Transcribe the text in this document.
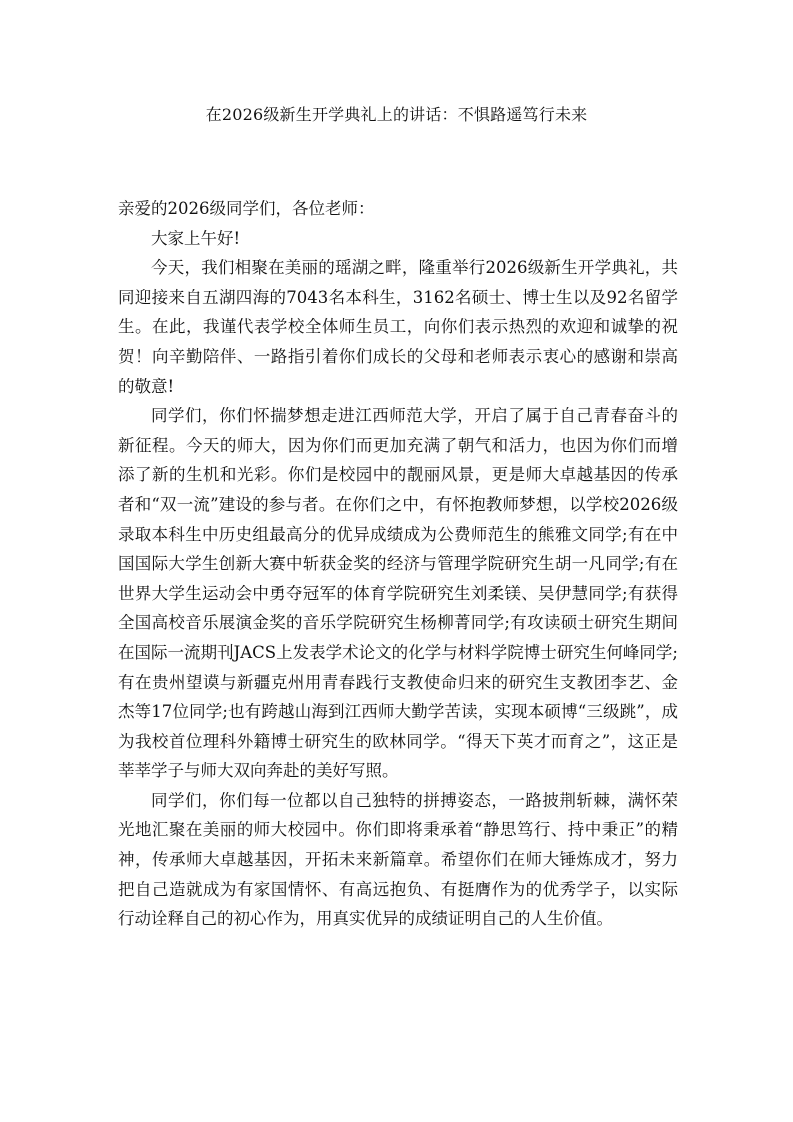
在2026级新生开学典礼上的讲话：不惧路遥笃行未来

亲爱的2026级同学们，各位老师：

大家上午好!

今天，我们相聚在美丽的瑶湖之畔，隆重举行2026级新生开学典礼，共同迎接来自五湖四海的7043名本科生，3162名硕士、博士生以及92名留学生。在此，我谨代表学校全体师生员工，向你们表示热烈的欢迎和诚挚的祝贺！向辛勤陪伴、一路指引着你们成长的父母和老师表示衷心的感谢和崇高的敬意!

同学们，你们怀揣梦想走进江西师范大学，开启了属于自己青春奋斗的新征程。今天的师大，因为你们而更加充满了朝气和活力，也因为你们而增添了新的生机和光彩。你们是校园中的靓丽风景，更是师大卓越基因的传承者和“双一流”建设的参与者。在你们之中，有怀抱教师梦想，以学校2026级录取本科生中历史组最高分的优异成绩成为公费师范生的熊雅文同学;有在中国国际大学生创新大赛中斩获金奖的经济与管理学院研究生胡一凡同学;有在世界大学生运动会中勇夺冠军的体育学院研究生刘柔镁、吴伊慧同学;有获得全国高校音乐展演金奖的音乐学院研究生杨柳菁同学;有攻读硕士研究生期间在国际一流期刊JACS上发表学术论文的化学与材料学院博士研究生何峰同学;有在贵州望谟与新疆克州用青春践行支教使命归来的研究生支教团李艺、金杰等17位同学;也有跨越山海到江西师大勤学苦读，实现本硕博“三级跳”，成为我校首位理科外籍博士研究生的欧林同学。“得天下英才而育之”，这正是莘莘学子与师大双向奔赴的美好写照。

同学们，你们每一位都以自己独特的拼搏姿态，一路披荆斩棘，满怀荣光地汇聚在美丽的师大校园中。你们即将秉承着“静思笃行、持中秉正”的精神，传承师大卓越基因，开拓未来新篇章。希望你们在师大锤炼成才，努力把自己造就成为有家国情怀、有高远抱负、有挺膺作为的优秀学子，以实际行动诠释自己的初心作为，用真实优异的成绩证明自己的人生价值。
